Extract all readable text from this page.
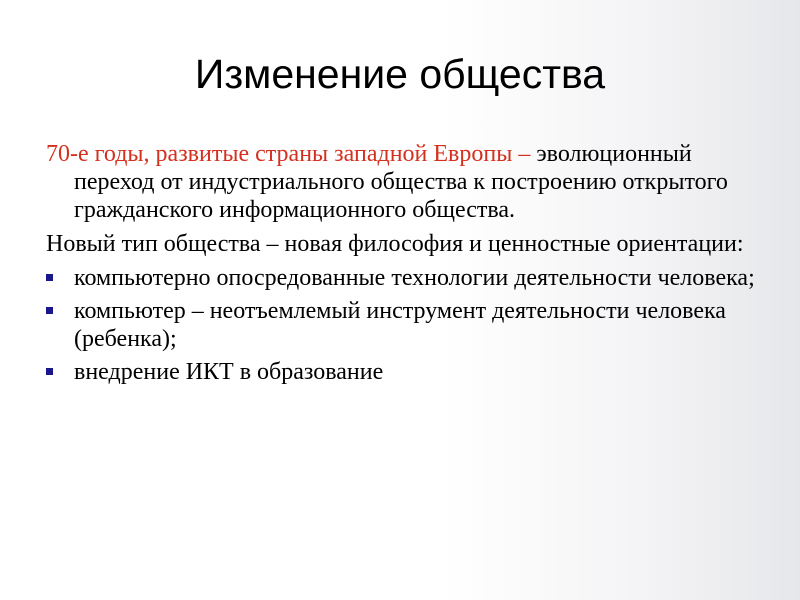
Изменение общества

70-е годы, развитые страны западной Европы – эволюционный переход от индустриального общества к построению открытого гражданского информационного общества.

Новый тип общества – новая философия и ценностные ориентации:

компьютерно опосредованные технологии деятельности человека;
компьютер – неотъемлемый инструмент деятельности человека (ребенка);
внедрение ИКТ в образование
